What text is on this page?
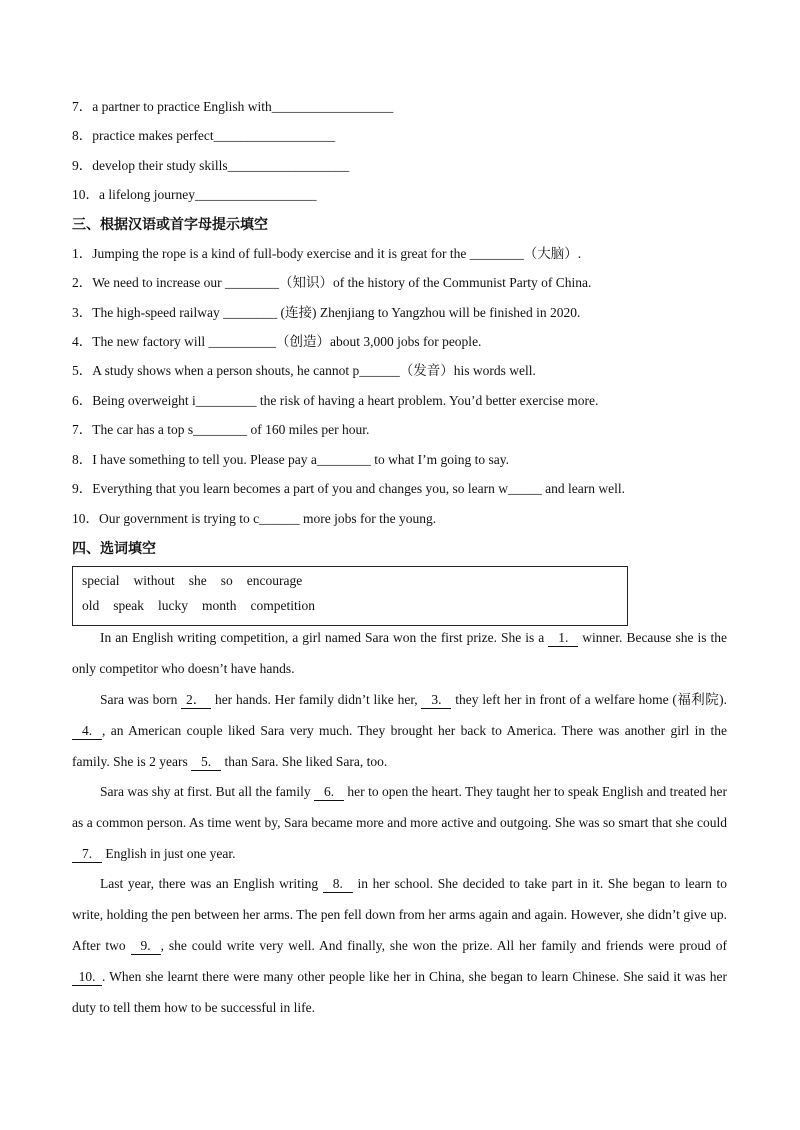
7．a partner to practice English with__________________
8．practice makes perfect__________________
9．develop their study skills__________________
10．a lifelong journey__________________
三、根据汉语或首字母提示填空
1．Jumping the rope is a kind of full-body exercise and it is great for the ________（大脑）.
2．We need to increase our ________（知识）of the history of the Communist Party of China.
3．The high-speed railway ________ (连接) Zhenjiang to Yangzhou will be finished in 2020.
4．The new factory will __________（创造）about 3,000 jobs for people.
5．A study shows when a person shouts, he cannot p______（发音）his words well.
6．Being overweight i_________ the risk of having a heart problem. You’d better exercise more.
7．The car has a top s________ of 160 miles per hour.
8．I have something to tell you. Please pay a________ to what I’m going to say.
9．Everything that you learn becomes a part of you and changes you, so learn w_____ and learn well.
10．Our government is trying to c______ more jobs for the young.
四、选词填空
special without she so encourage
old speak lucky month competition

In an English writing competition, a girl named Sara won the first prize. She is a 1. winner. Because she is the only competitor who doesn’t have hands.

Sara was born 2． her hands. Her family didn’t like her, 3. they left her in front of a welfare home (福利院). 4. , an American couple liked Sara very much. They brought her back to America. There was another girl in the family. She is 2 years 5. than Sara. She liked Sara, too.

Sara was shy at first. But all the family 6. her to open the heart. They taught her to speak English and treated her as a common person. As time went by, Sara became more and more active and outgoing. She was so smart that she could 7. English in just one year.

Last year, there was an English writing 8. in her school. She decided to take part in it. She began to learn to write, holding the pen between her arms. The pen fell down from her arms again and again. However, she didn’t give up. After two 9. , she could write very well. And finally, she won the prize. All her family and friends were proud of 10. . When she learnt there were many other people like her in China, she began to learn Chinese. She said it was her duty to tell them how to be successful in life.
